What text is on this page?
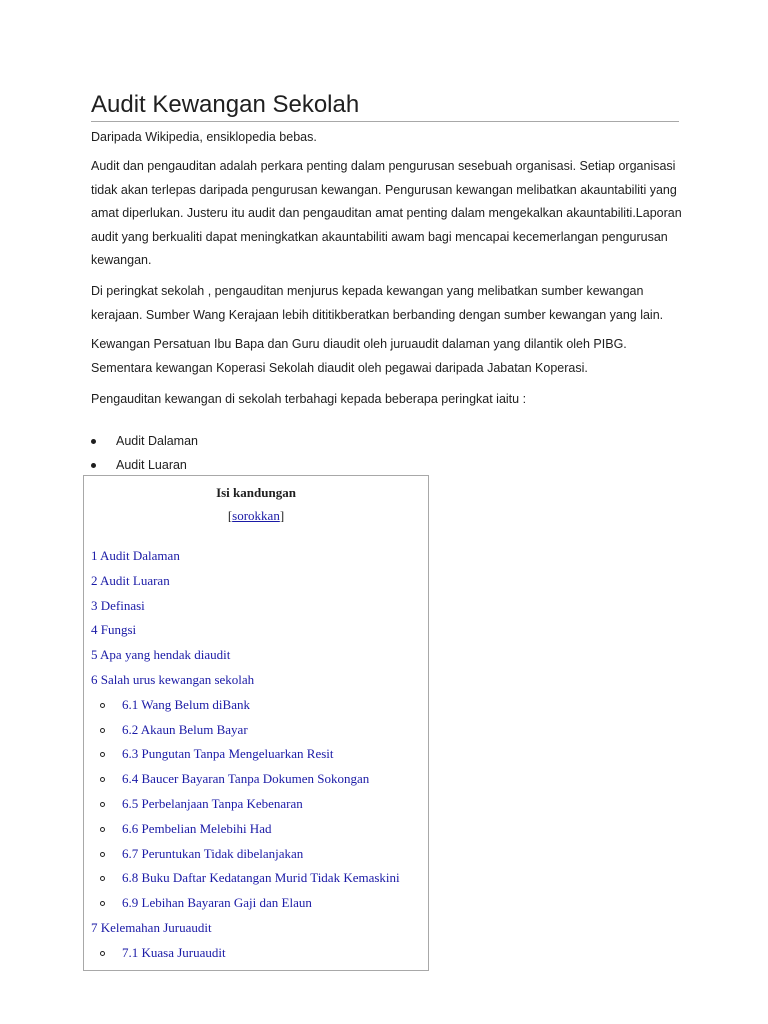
Audit Kewangan Sekolah
Daripada Wikipedia, ensiklopedia bebas.

Audit dan pengauditan adalah perkara penting dalam pengurusan sesebuah organisasi. Setiap organisasi tidak akan terlepas daripada pengurusan kewangan. Pengurusan kewangan melibatkan akauntabiliti yang amat diperlukan. Justeru itu audit dan pengauditan amat penting dalam mengekalkan akauntabiliti.Laporan audit yang berkualiti dapat meningkatkan akauntabiliti awam bagi mencapai kecemerlangan pengurusan kewangan.

Di peringkat sekolah , pengauditan menjurus kepada kewangan yang melibatkan sumber kewangan kerajaan. Sumber Wang Kerajaan lebih dititikberatkan berbanding dengan sumber kewangan yang lain.

Kewangan Persatuan Ibu Bapa dan Guru diaudit oleh juruaudit dalaman yang dilantik oleh PIBG. Sementara kewangan Koperasi Sekolah diaudit oleh pegawai daripada Jabatan Koperasi.

Pengauditan kewangan di sekolah terbahagi kepada beberapa peringkat iaitu :

Audit Dalaman
Audit Luaran
Isi kandungan
[sorokkan]
1 Audit Dalaman
2 Audit Luaran
3 Definasi
4 Fungsi
5 Apa yang hendak diaudit
6 Salah urus kewangan sekolah
6.1 Wang Belum diBank
6.2 Akaun Belum Bayar
6.3 Pungutan Tanpa Mengeluarkan Resit
6.4 Baucer Bayaran Tanpa Dokumen Sokongan
6.5 Perbelanjaan Tanpa Kebenaran
6.6 Pembelian Melebihi Had
6.7 Peruntukan Tidak dibelanjakan
6.8 Buku Daftar Kedatangan Murid Tidak Kemaskini
6.9 Lebihan Bayaran Gaji dan Elaun
7 Kelemahan Juruaudit
7.1 Kuasa Juruaudit
